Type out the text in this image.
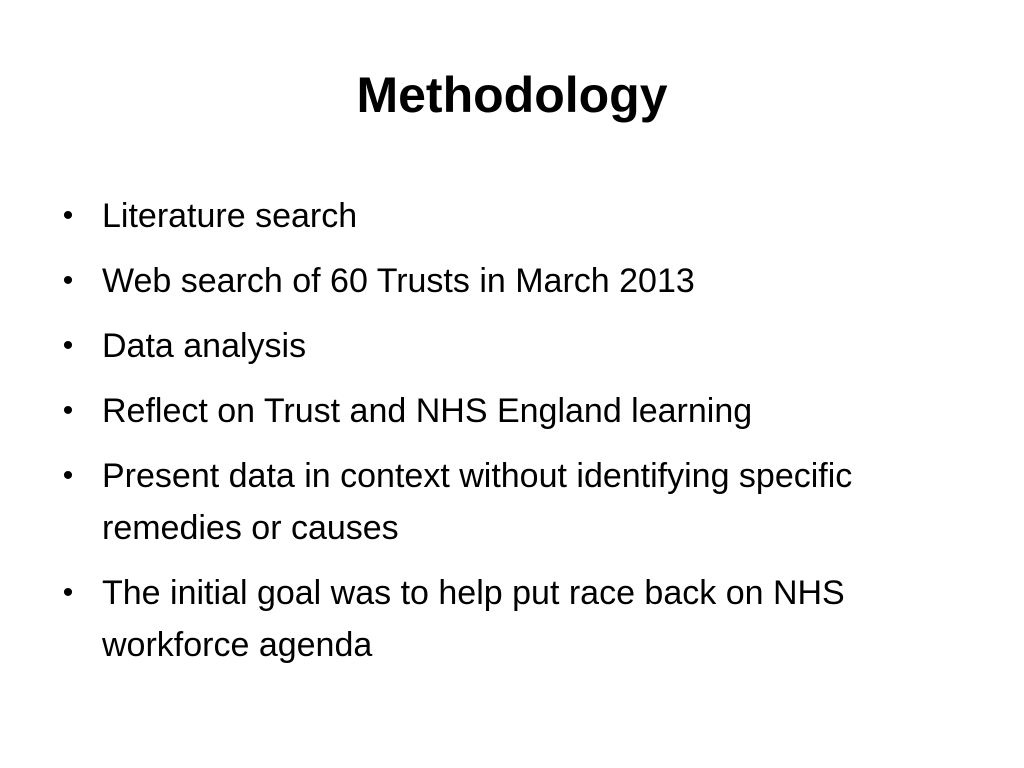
Methodology
• Literature search
• Web search of 60 Trusts in March 2013
• Data analysis
• Reflect on Trust and NHS England learning
• Present data in context without identifying specific remedies or causes
• The initial goal was to help put race back on NHS workforce agenda
